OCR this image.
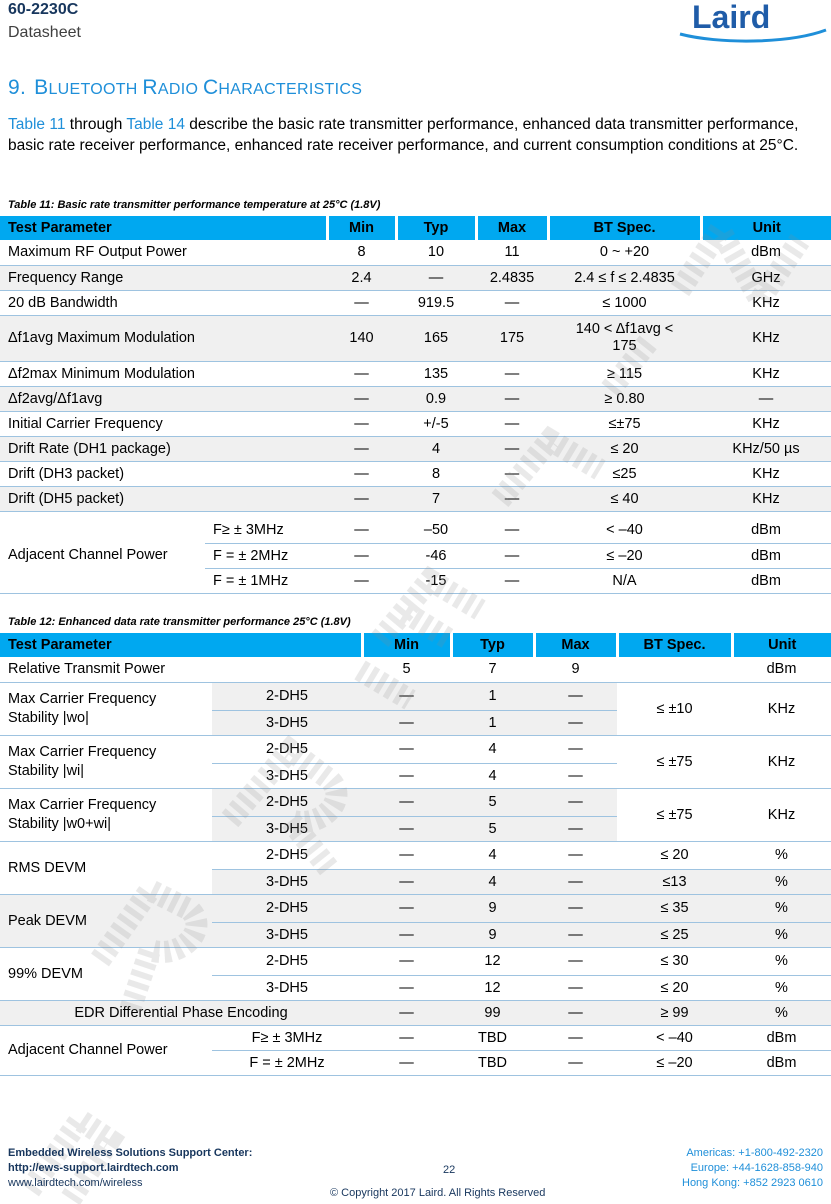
60-2230C
Datasheet	Laird
9. BLUETOOTH RADIO CHARACTERISTICS
Table 11 through Table 14 describe the basic rate transmitter performance, enhanced data transmitter performance, basic rate receiver performance, enhanced rate receiver performance, and current consumption conditions at 25°C.
Table 11: Basic rate transmitter performance temperature at 25°C (1.8V)
Test Parameter	Min	Typ	Max	BT Spec.	Unit
Maximum RF Output Power	8	10	11	0 ~ +20	dBm
Frequency Range	2.4	—	2.4835	2.4 ≤ f ≤ 2.4835	GHz
20 dB Bandwidth	—	919.5	—	≤ 1000	KHz
Δf1avg Maximum Modulation	140	165	175	140 < Δf1avg < 175	KHz
Δf2max Minimum Modulation	—	135	—	≥ 115	KHz
Δf2avg/Δf1avg	—	0.9	—	≥ 0.80	—
Initial Carrier Frequency	—	+/-5	—	≤±75	KHz
Drift Rate (DH1 package)	—	4	—	≤ 20	KHz/50 µs
Drift (DH3 packet)	—	8	—	≤25	KHz
Drift (DH5 packet)	—	7	—	≤ 40	KHz
Adjacent Channel Power	F≥ ± 3MHz	—	–50	—	< –40	dBm
	F = ± 2MHz	—	-46	—	≤ –20	dBm
	F = ± 1MHz	—	-15	—	N/A	dBm
Table 12: Enhanced data rate transmitter performance 25°C (1.8V)
Test Parameter		Min	Typ	Max	BT Spec.	Unit
Relative Transmit Power		5	7	9		dBm
Max Carrier Frequency Stability |wo|	2-DH5	—	1	—	≤ ±10	KHz
	3-DH5	—	1	—		
Max Carrier Frequency Stability |wi|	2-DH5	—	4	—	≤ ±75	KHz
	3-DH5	—	4	—		
Max Carrier Frequency Stability |w0+wi|	2-DH5	—	5	—	≤ ±75	KHz
	3-DH5	—	5	—		
RMS DEVM	2-DH5	—	4	—	≤ 20	%
	3-DH5	—	4	—	≤13	%
Peak DEVM	2-DH5	—	9	—	≤ 35	%
	3-DH5	—	9	—	≤ 25	%
99% DEVM	2-DH5	—	12	—	≤ 30	%
	3-DH5	—	12	—	≤ 20	%
EDR Differential Phase Encoding		—	99	—	≥ 99	%
Adjacent Channel Power	F≥ ± 3MHz	—	TBD	—	< –40	dBm
	F = ± 2MHz	—	TBD	—	≤ –20	dBm
Embedded Wireless Solutions Support Center:
http://ews-support.lairdtech.com
www.lairdtech.com/wireless
22
© Copyright 2017 Laird. All Rights Reserved
Americas: +1-800-492-2320
Europe: +44-1628-858-940
Hong Kong: +852 2923 0610
